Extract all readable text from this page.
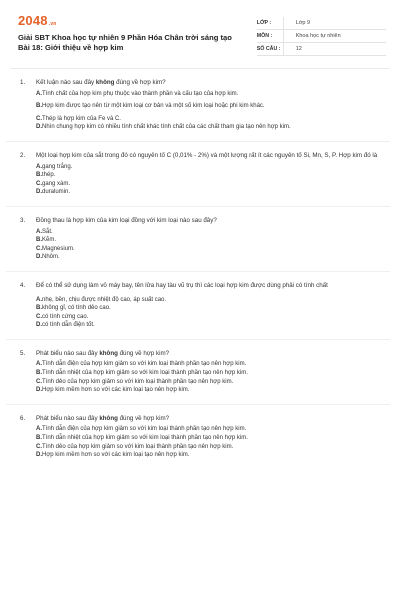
2048.vn
Giải SBT Khoa học tự nhiên 9 Phần Hóa Chân trời sáng tạo
Bài 18: Giới thiệu về hợp kim
LỚP :	Lớp 9
MÔN :	Khoa học tự nhiên
SỐ CÂU :	12
1. Kết luận nào sau đây không đúng về hợp kim?
A.Tính chất của hợp kim phụ thuộc vào thành phần và cấu tạo của hợp kim.
B.Hợp kim được tạo nên từ một kim loại cơ bản và một số kim loại hoặc phi kim khác.
C.Thép là hợp kim của Fe và C.
D.Nhìn chung hợp kim có nhiều tính chất khác tính chất của các chất tham gia tạo nên hợp kim.
2. Một loại hợp kim của sắt trong đó có nguyên tố C (0,01% - 2%) và một lượng rất ít các nguyên tố Si, Mn, S, P. Hợp kim đó là
A.gang trắng.
B.thép.
C.gang xám.
D.duralumin.
3. Đồng thau là hợp kim của kim loại đồng với kim loại nào sau đây?
A.Sắt.
B.Kẽm.
C.Magnesium.
D.Nhôm.
4. Để có thể sử dụng làm vỏ máy bay, tên lửa hay tàu vũ trụ thì các loại hợp kim được dùng phải có tính chất
A.nhẹ, bền, chịu được nhiệt độ cao, áp suất cao.
B.không gỉ, có tính dẻo cao.
C.có tính cứng cao.
D.có tính dẫn điện tốt.
5. Phát biểu nào sau đây không đúng về hợp kim?
A.Tính dẫn điện của hợp kim giảm so với kim loại thành phần tạo nên hợp kim.
B.Tính dẫn nhiệt của hợp kim giảm so với kim loại thành phần tạo nên hợp kim.
C.Tính dẻo của hợp kim giảm so với kim loại thành phần tạo nên hợp kim.
D.Hợp kim mềm hơn so với các kim loại tạo nên hợp kim.
6. Phát biểu nào sau đây không đúng về hợp kim?
A.Tính dẫn điện của hợp kim giảm so với kim loại thành phần tạo nên hợp kim.
B.Tính dẫn nhiệt của hợp kim giảm so với kim loại thành phần tạo nên hợp kim.
C.Tính dẻo của hợp kim giảm so với kim loại thành phần tạo nên hợp kim.
D.Hợp kim mềm hơn so với các kim loại tạo nên hợp kim.
